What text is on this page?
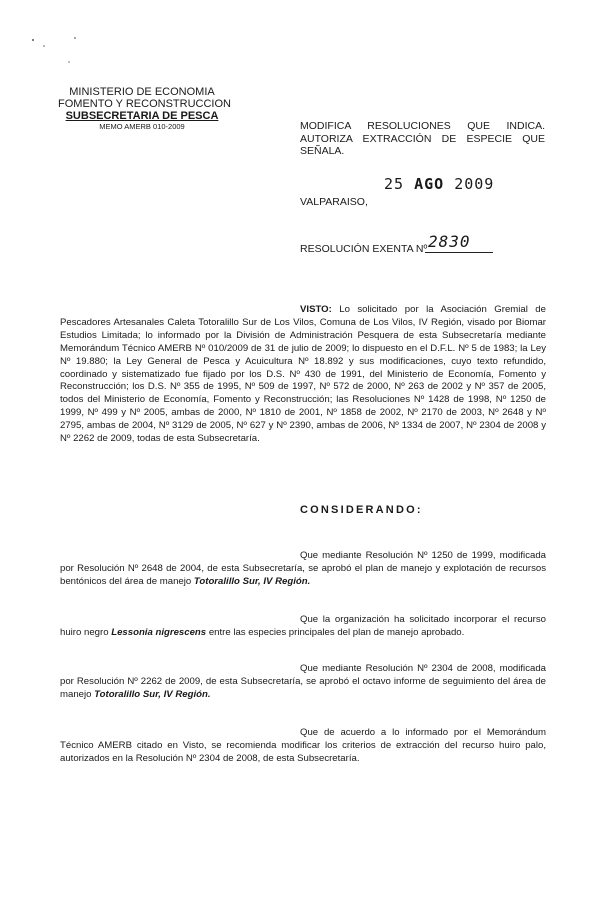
MINISTERIO DE ECONOMIA
FOMENTO Y RECONSTRUCCION
SUBSECRETARIA DE PESCA
MEMO AMERB 010-2009	MODIFICA RESOLUCIONES QUE INDICA. AUTORIZA EXTRACCIÓN DE ESPECIE QUE SEÑALA.
25 AGO 2009
VALPARAISO,
RESOLUCIÓN EXENTA Nº 2830
VISTO: Lo solicitado por la Asociación Gremial de Pescadores Artesanales Caleta Totoralillo Sur de Los Vilos, Comuna de Los Vilos, IV Región, visado por Biomar Estudios Limitada; lo informado por la División de Administración Pesquera de esta Subsecretaría mediante Memorándum Técnico AMERB Nº 010/2009 de 31 de julio de 2009; lo dispuesto en el D.F.L. Nº 5 de 1983; la Ley Nº 19.880; la Ley General de Pesca y Acuicultura Nº 18.892 y sus modificaciones, cuyo texto refundido, coordinado y sistematizado fue fijado por los D.S. Nº 430 de 1991, del Ministerio de Economía, Fomento y Reconstrucción; los D.S. Nº 355 de 1995, Nº 509 de 1997, Nº 572 de 2000, Nº 263 de 2002 y Nº 357 de 2005, todos del Ministerio de Economía, Fomento y Reconstrucción; las Resoluciones Nº 1428 de 1998, Nº 1250 de 1999, Nº 499 y Nº 2005, ambas de 2000, Nº 1810 de 2001, Nº 1858 de 2002, Nº 2170 de 2003, Nº 2648 y Nº 2795, ambas de 2004, Nº 3129 de 2005, Nº 627 y Nº 2390, ambas de 2006, Nº 1334 de 2007, Nº 2304 de 2008 y Nº 2262 de 2009, todas de esta Subsecretaría.
CONSIDERANDO:
Que mediante Resolución Nº 1250 de 1999, modificada por Resolución Nº 2648 de 2004, de esta Subsecretaría, se aprobó el plan de manejo y explotación de recursos bentónicos del área de manejo Totoralillo Sur, IV Región.
Que la organización ha solicitado incorporar el recurso huiro negro Lessonia nigrescens entre las especies principales del plan de manejo aprobado.
Que mediante Resolución Nº 2304 de 2008, modificada por Resolución Nº 2262 de 2009, de esta Subsecretaría, se aprobó el octavo informe de seguimiento del área de manejo Totoralillo Sur, IV Región.
Que de acuerdo a lo informado por el Memorándum Técnico AMERB citado en Visto, se recomienda modificar los criterios de extracción del recurso huiro palo, autorizados en la Resolución Nº 2304 de 2008, de esta Subsecretaría.
